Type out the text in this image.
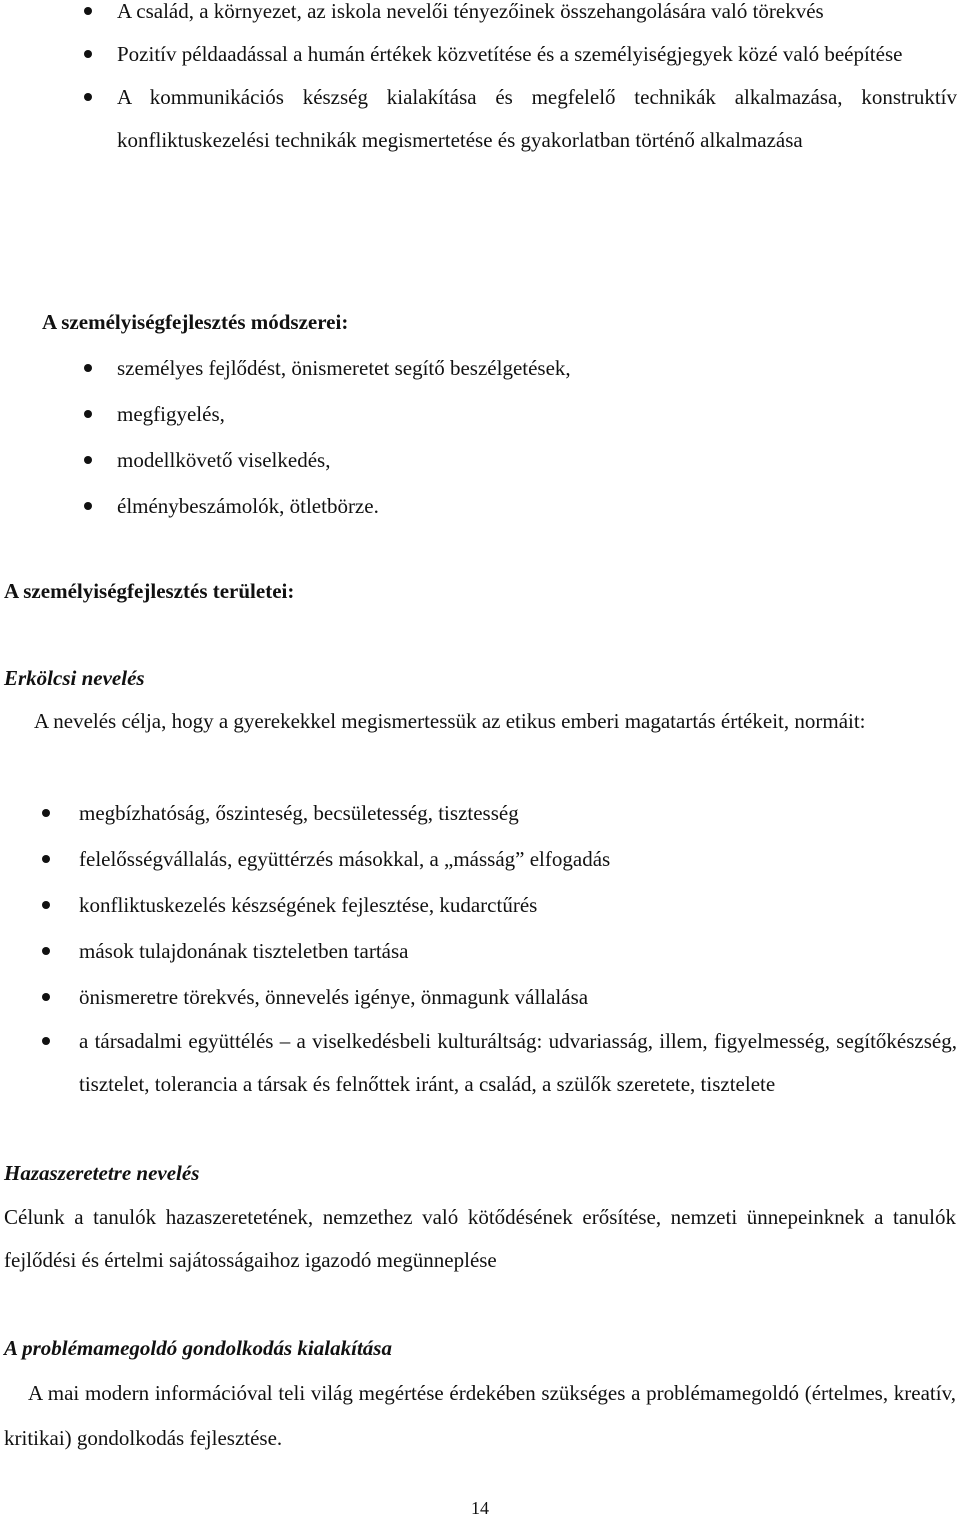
A család, a környezet, az iskola nevelői tényezőinek összehangolására való törekvés
Pozitív példaadással a humán értékek közvetítése és a személyiségjegyek közé való beépítése
A kommunikációs készség kialakítása és megfelelő technikák alkalmazása, konstruktív konfliktuskezelési technikák megismertetése és gyakorlatban történő alkalmazása
A személyiségfejlesztés módszerei:
személyes fejlődést, önismeretet segítő beszélgetések,
megfigyelés,
modellkövető viselkedés,
élménybeszámolók, ötletbörze.
A személyiségfejlesztés területei:
Erkölcsi nevelés
A nevelés célja, hogy a gyerekekkel megismertessük az etikus emberi magatartás értékeit, normáit:
megbízhatóság, őszinteség, becsületesség, tisztesség
felelősségvállalás, együttérzés másokkal, a „másság” elfogadás
konfliktuskezelés készségének fejlesztése, kudarctűrés
mások tulajdonának tiszteletben tartása
önismeretre törekvés, önnevelés igénye, önmagunk vállalása
a társadalmi együttélés – a viselkedésbeli kulturáltság: udvariasság, illem, figyelmesség, segítőkészség, tisztelet, tolerancia a társak és felnőttek iránt, a család, a szülők szeretete, tisztelete
Hazaszeretetre nevelés
Célunk a tanulók hazaszeretetének, nemzethez való kötődésének erősítése, nemzeti ünnepeinknek a tanulók fejlődési és értelmi sajátosságaihoz igazodó megünneplése
A problémamegoldó gondolkodás kialakítása
A mai modern információval teli világ megértése érdekében szükséges a problémamegoldó (értelmes, kreatív, kritikai) gondolkodás fejlesztése.
14
